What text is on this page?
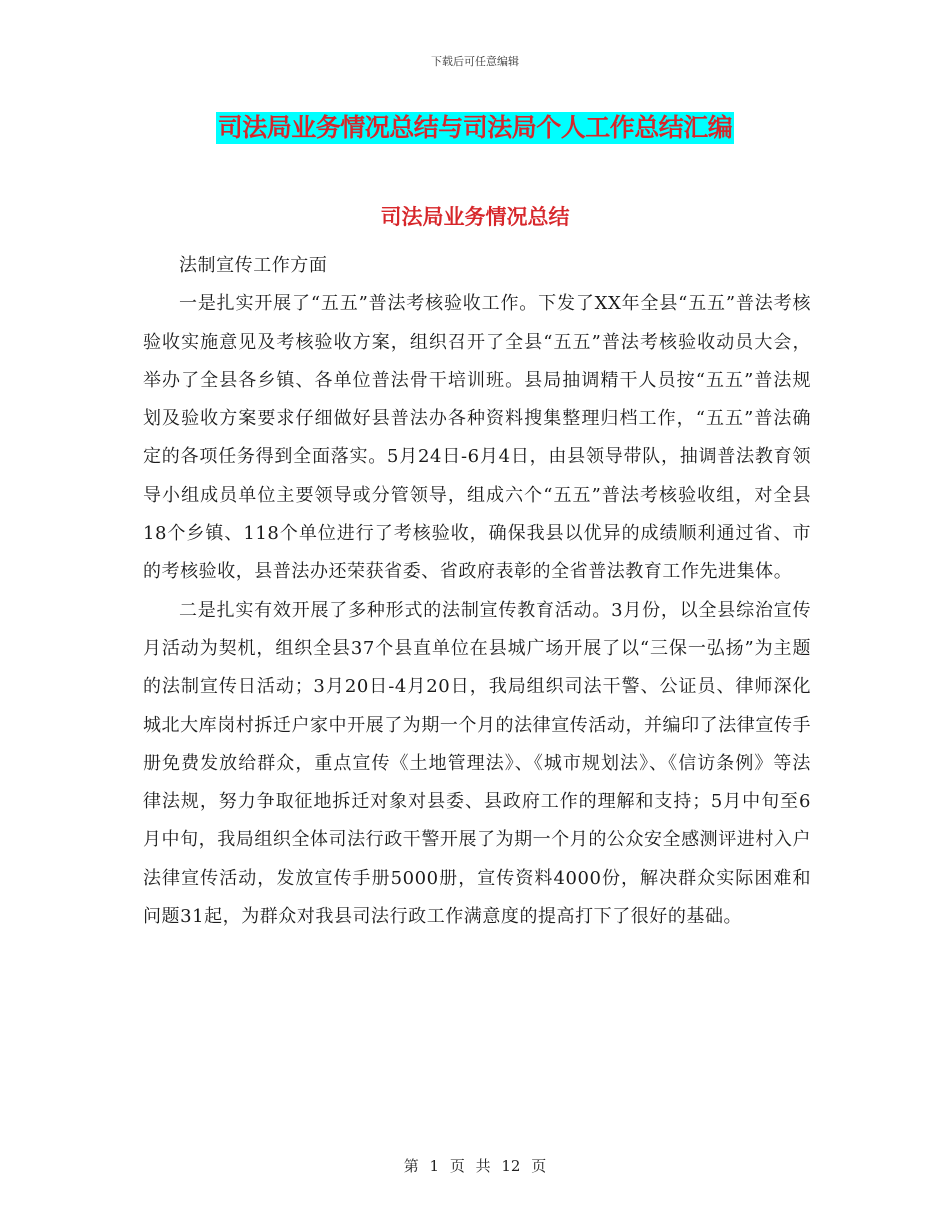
下载后可任意编辑
司法局业务情况总结与司法局个人工作总结汇编
司法局业务情况总结

法制宣传工作方面

一是扎实开展了“五五”普法考核验收工作。下发了XX年全县“五五”普法考核验收实施意见及考核验收方案，组织召开了全县“五五”普法考核验收动员大会，举办了全县各乡镇、各单位普法骨干培训班。县局抽调精干人员按“五五”普法规划及验收方案要求仔细做好县普法办各种资料搜集整理归档工作，“五五”普法确定的各项任务得到全面落实。5月24日-6月4日，由县领导带队，抽调普法教育领导小组成员单位主要领导或分管领导，组成六个“五五”普法考核验收组，对全县18个乡镇、118个单位进行了考核验收，确保我县以优异的成绩顺利通过省、市的考核验收，县普法办还荣获省委、省政府表彰的全省普法教育工作先进集体。

二是扎实有效开展了多种形式的法制宣传教育活动。3月份，以全县综治宣传月活动为契机，组织全县37个县直单位在县城广场开展了以“三保一弘扬”为主题的法制宣传日活动；3月20日-4月20日，我局组织司法干警、公证员、律师深化城北大库岗村拆迁户家中开展了为期一个月的法律宣传活动，并编印了法律宣传手册免费发放给群众，重点宣传《土地管理法》、《城市规划法》、《信访条例》等法律法规，努力争取征地拆迁对象对县委、县政府工作的理解和支持；5月中旬至6月中旬，我局组织全体司法行政干警开展了为期一个月的公众安全感测评进村入户法律宣传活动，发放宣传手册5000册，宣传资料4000份，解决群众实际困难和问题31起，为群众对我县司法行政工作满意度的提高打下了很好的基础。

第 1 页 共 12 页
